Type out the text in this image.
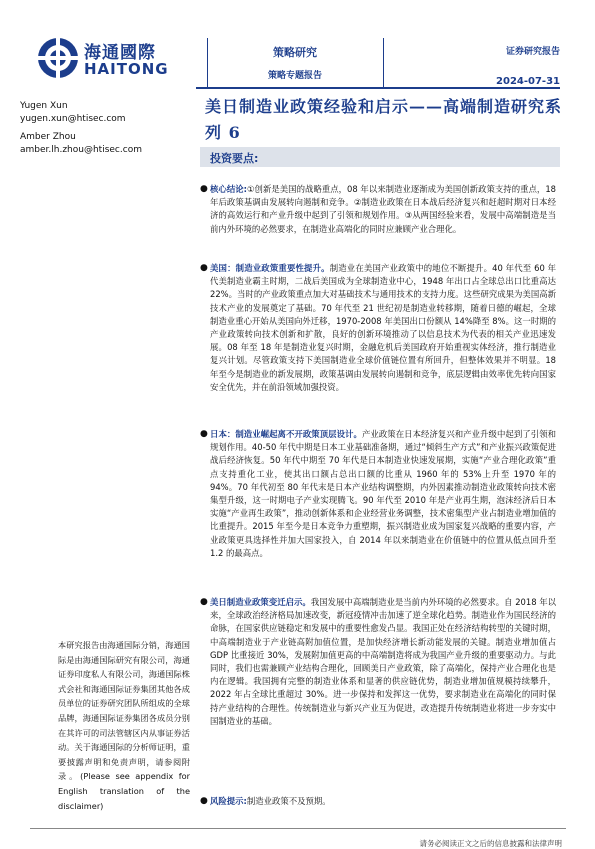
海通國際
HAITONG
策略研究
策略专题报告
证券研究报告
2024-07-31
Yugen Xun
yugen.xun@htisec.com
Amber Zhou
amber.lh.zhou@htisec.com
美日制造业政策经验和启示——高端制造研究系列 6
投资要点:
● 核心结论:①创新是美国的战略重点，08 年以来制造业逐渐成为美国创新政策支持的重点，18 年后政策基调由发展转向遏制和竞争。②制造业政策在日本战后经济复兴和赶超时期对日本经济的高效运行和产业升级中起到了引领和规划作用。③从两国经验来看，发展中高端制造是当前内外环境的必然要求，在制造业高端化的同时应兼顾产业合理化。
● 美国：制造业政策重要性提升。制造业在美国产业政策中的地位不断提升。40 年代至 60 年代美制造业霸主时期，二战后美国成为全球制造业中心，1948 年出口占全球总出口比重高达 22%。当时的产业政策重点加大对基础技术与通用技术的支持力度。这些研究成果为美国高新技术产业的发展奠定了基础。70 年代至 21 世纪初是制造业转移期，随着日德的崛起，全球制造业重心开始从美国向外迁移，1970-2008 年美国出口份额从 14%降至 8%。这一时期的产业政策转向技术创新和扩散，良好的创新环境推动了以信息技术为代表的相关产业迅速发展。08 年至 18 年是制造业复兴时期，金融危机后美国政府开始重视实体经济，推行制造业复兴计划。尽管政策支持下美国制造业全球价值链位置有所回升，但整体效果并不明显。18 年至今是制造业的新发展期，政策基调由发展转向遏制和竞争，底层逻辑由效率优先转向国家安全优先，并在前沿领域加强投资。
● 日本：制造业崛起离不开政策顶层设计。产业政策在日本经济复兴和产业升级中起到了引领和规划作用。40-50 年代中期是日本工业基础准备期，通过“倾斜生产方式”和产业振兴政策促进战后经济恢复。50 年代中期至 70 年代是日本制造业快速发展期，实施“产业合理化政策”重点支持重化工业，使其出口额占总出口额的比重从 1960 年的 53%上升至 1970 年的 94%。70 年代初至 80 年代末是日本产业结构调整期，内外因素推动制造业政策转向技术密集型升级，这一时期电子产业实现腾飞。90 年代至 2010 年是产业再生期，泡沫经济后日本实施“产业再生政策”，推动创新体系和企业经营业务调整，技术密集型产业占制造业增加值的比重提升。2015 年至今是日本竞争力重塑期，振兴制造业成为国家复兴战略的重要内容，产业政策更具选择性并加大国家投入，自 2014 年以来制造业在价值链中的位置从低点回升至 1.2 的最高点。
● 美日制造业政策变迁启示。我国发展中高端制造业是当前内外环境的必然要求。自 2018 年以来，全球政治经济格局加速改变，新冠疫情冲击加速了逆全球化趋势。制造业作为国民经济的命脉，在国家供应链稳定和发展中的重要性愈发凸显。我国正处在经济结构转型的关键时期，中高端制造业于产业链高附加值位置，是加快经济增长新动能发展的关键。制造业增加值占 GDP 比重接近 30%，发展附加值更高的中高端制造将成为我国产业升级的重要驱动力。与此同时，我们也需兼顾产业结构合理化，回顾美日产业政策，除了高端化，保持产业合理化也是内在逻辑。我国拥有完整的制造业体系和显著的供应链优势，制造业增加值规模持续攀升，2022 年占全球比重超过 30%。进一步保持和发挥这一优势，要求制造业在高端化的同时保持产业结构的合理性。传统制造业与新兴产业互为促进，改造提升传统制造业将进一步夯实中国制造业的基础。
● 风险提示:制造业政策不及预期。
本研究报告由海通国际分销，海通国际是由海通国际研究有限公司，海通证券印度私人有限公司，海通国际株式会社和海通国际证券集团其他各成员单位的证券研究团队所组成的全球品牌，海通国际证券集团各成员分别在其许可的司法管辖区内从事证券活动。关于海通国际的分析师证明，重要披露声明和免责声明，请参阅附录。(Please see appendix for English translation of the disclaimer)
请务必阅读正文之后的信息披露和法律声明
